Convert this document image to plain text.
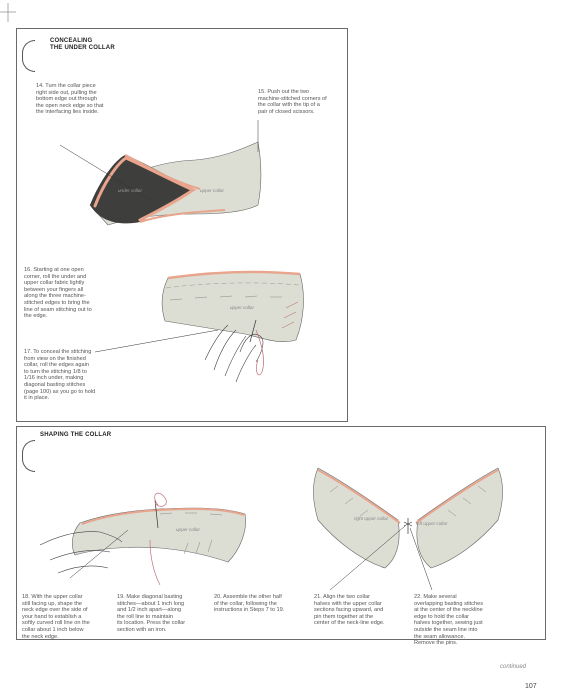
CONCEALING
THE UNDER COLLAR
14. Turn the collar piece
right side out, pulling the
bottom edge out through
the open neck edge so that
the interfacing lies inside.
15. Push out the two
machine-stitched corners of
the collar with the tip of a
pair of closed scissors.
16. Starting at one open
corner, roll the under and
upper collar fabric lightly
between your fingers all
along the three machine-
stitched edges to bring the
line of seam stitching out to
the edge.
17. To conceal the stitching
from view on the finished
collar, roll the edges again
to turn the stitching 1/8 to
1/16 inch under, making
diagonal basting stitches
(page 100) as you go to hold
it in place.
under collar	upper collar
upper collar
SHAPING THE COLLAR
upper collar
right upper collar
left upper collar
18. With the upper collar
still facing up, shape the
neck edge over the side of
your hand to establish a
softly curved roll line on the
collar about 1 inch below
the neck edge.
19. Make diagonal basting
stitches—about 1 inch long
and 1/2 inch apart—along
the roll line to maintain
its location. Press the collar
section with an iron.
20. Assemble the other half
of the collar, following the
instructions in Steps 7 to 19.
21. Align the two collar
halves with the upper collar
sections facing upward, and
pin them together at the
center of the neck-line edge.
22. Make several
overlapping basting stitches
at the center of the neckline
edge to hold the collar
halves together, sewing just
outside the seam line into
the seam allowance.
Remove the pins.
continued
107
